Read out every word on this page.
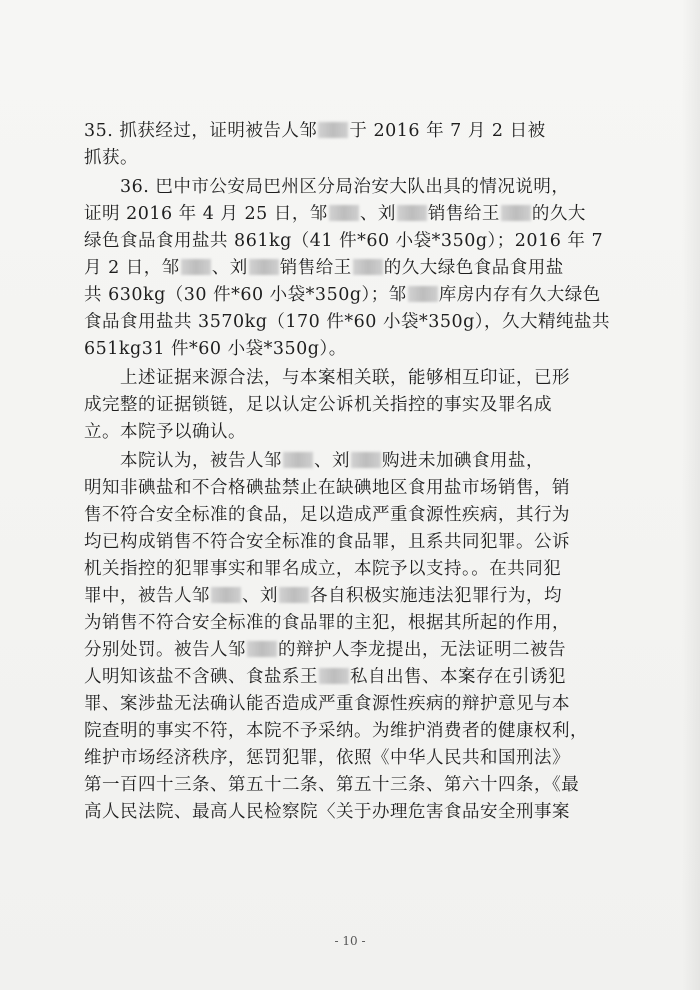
35. 抓获经过，证明被告人邹 于 2016 年 7 月 2 日被
抓获。
　　36. 巴中市公安局巴州区分局治安大队出具的情况说明，
证明 2016 年 4 月 25 日，邹 、刘 销售给王 的久大
绿色食品食用盐共 861kg（41 件*60 小袋*350g）；2016 年 7
月 2 日，邹 、刘 销售给王 的久大绿色食品食用盐
共 630kg（30 件*60 小袋*350g）；邹 库房内存有久大绿色
食品食用盐共 3570kg（170 件*60 小袋*350g），久大精纯盐共
651kg31 件*60 小袋*350g）。
　　上述证据来源合法，与本案相关联，能够相互印证，已形
成完整的证据锁链，足以认定公诉机关指控的事实及罪名成
立。本院予以确认。
　　本院认为，被告人邹 、刘 购进未加碘食用盐，
明知非碘盐和不合格碘盐禁止在缺碘地区食用盐市场销售，销
售不符合安全标准的食品，足以造成严重食源性疾病，其行为
均已构成销售不符合安全标准的食品罪，且系共同犯罪。公诉
机关指控的犯罪事实和罪名成立，本院予以支持。。在共同犯
罪中，被告人邹 、刘 各自积极实施违法犯罪行为，均
为销售不符合安全标准的食品罪的主犯，根据其所起的作用，
分别处罚。被告人邹 的辩护人李龙提出，无法证明二被告
人明知该盐不含碘、食盐系王 私自出售、本案存在引诱犯
罪、案涉盐无法确认能否造成严重食源性疾病的辩护意见与本
院查明的事实不符，本院不予采纳。为维护消费者的健康权利，
维护市场经济秩序，惩罚犯罪，依照《中华人民共和国刑法》
第一百四十三条、第五十二条、第五十三条、第六十四条，《最
高人民法院、最高人民检察院〈关于办理危害食品安全刑事案
- 10 -
